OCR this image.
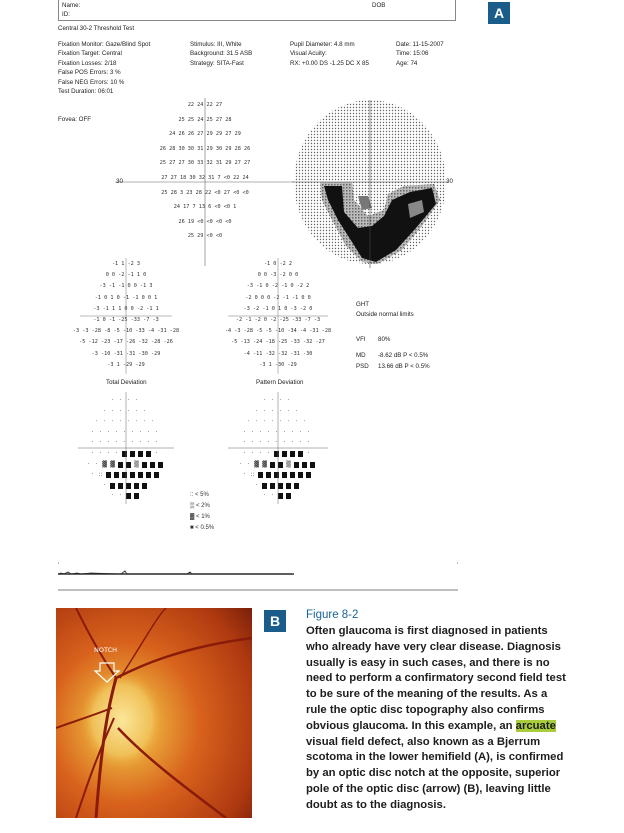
Name:
ID:
DOB
Central 30-2 Threshold Test
A
Fixation Monitor: Gaze/Blind Spot
Fixation Target: Central
Fixation Losses: 2/18
False POS Errors: 3 %
False NEG Errors: 10 %
Test Duration: 06:01
Stimulus: III, White
Background: 31.5 ASB
Strategy: SITA-Fast
Pupil Diameter: 4.8 mm
Visual Acuity:
RX: +0.00 DS -1.25 DC X 85
Date: 11-15-2007
Time: 15:06
Age: 74
Fovea: OFF
30	30
22 24 22 27
25 25 24 25 27 28
24 26 26 27 29 29 27 29
26 28 30 30 31 29 30 29 28 26
25 27 27 30 33 32 31 29 27 27
27 27 18 30 32 31 7 <0 22 24
25 28 3 23 28 22 <0 27 <0 <0
24 17 7 13 6 <0 <0 1
26 19 <0 <0 <0 <0
25 29 <0 <0
-1 1 -2 3
0 0 -2 -1 1 0
-3 -1 -1 0 0 -1 3
-1 0 1 0 -1 -1 0 0 1
-3 -1 1 1 0 0 -2 -1 1
-1 0 -1 -25 -33 -7 -3
-3 -3 -28 -8 -5 -10 -33 -4 -31 -28
-5 -12 -23 -17 -26 -32 -28 -26
-3 -10 -31 -31 -30 -29
-3 1 -29 -29
-1 0 -2 2
0 0 -3 -2 0 0
-3 -1 0 -2 -1 0 -2 2
-2 0 0 0 -2 -1 -1 0 0
-3 -2 -1 0 1 0 -3 -2 0
-2 -1 -2 0 -2 -25 -33 -7 -3
-4 -3 -28 -5 -5 -10 -34 -4 -31 -28
-5 -13 -24 -18 -25 -33 -32 -27
-4 -11 -32 -32 -31 -30
-3 1 -30 -29
GHT
Outside normal limits
VFI 80%
MD -8.62 dB P < 0.5%
PSD 13.66 dB P < 0.5%
Total Deviation	Pattern Deviation
· · · ·
· · · · · ·
· · · · · · · ·
· · · · · · · · ·
· · · · · · · · ·
· · · ·	·
· · ▓ ▓	▒
· ::
·
· ·
· · · ·
· · · · · ·
· · · · · · · ·
· · · · · · · · ·
· · · · · · · · ·
· · · ·	·
· · ▓ ▓	▒
· ::
·
· ·
:: < 5%
▒ < 2%
▓ < 1%
■ < 0.5%
NOTCH
B	Figure 8-2
Often glaucoma is first diagnosed in patients who already have very clear disease. Diagnosis usually is easy in such cases, and there is no need to perform a confirmatory second field test to be sure of the meaning of the results. As a rule the optic disc topography also confirms obvious glaucoma. In this example, an arcuate visual field defect, also known as a Bjerrum scotoma in the lower hemifield (A), is confirmed by an optic disc notch at the opposite, superior pole of the optic disc (arrow) (B), leaving little doubt as to the diagnosis.
